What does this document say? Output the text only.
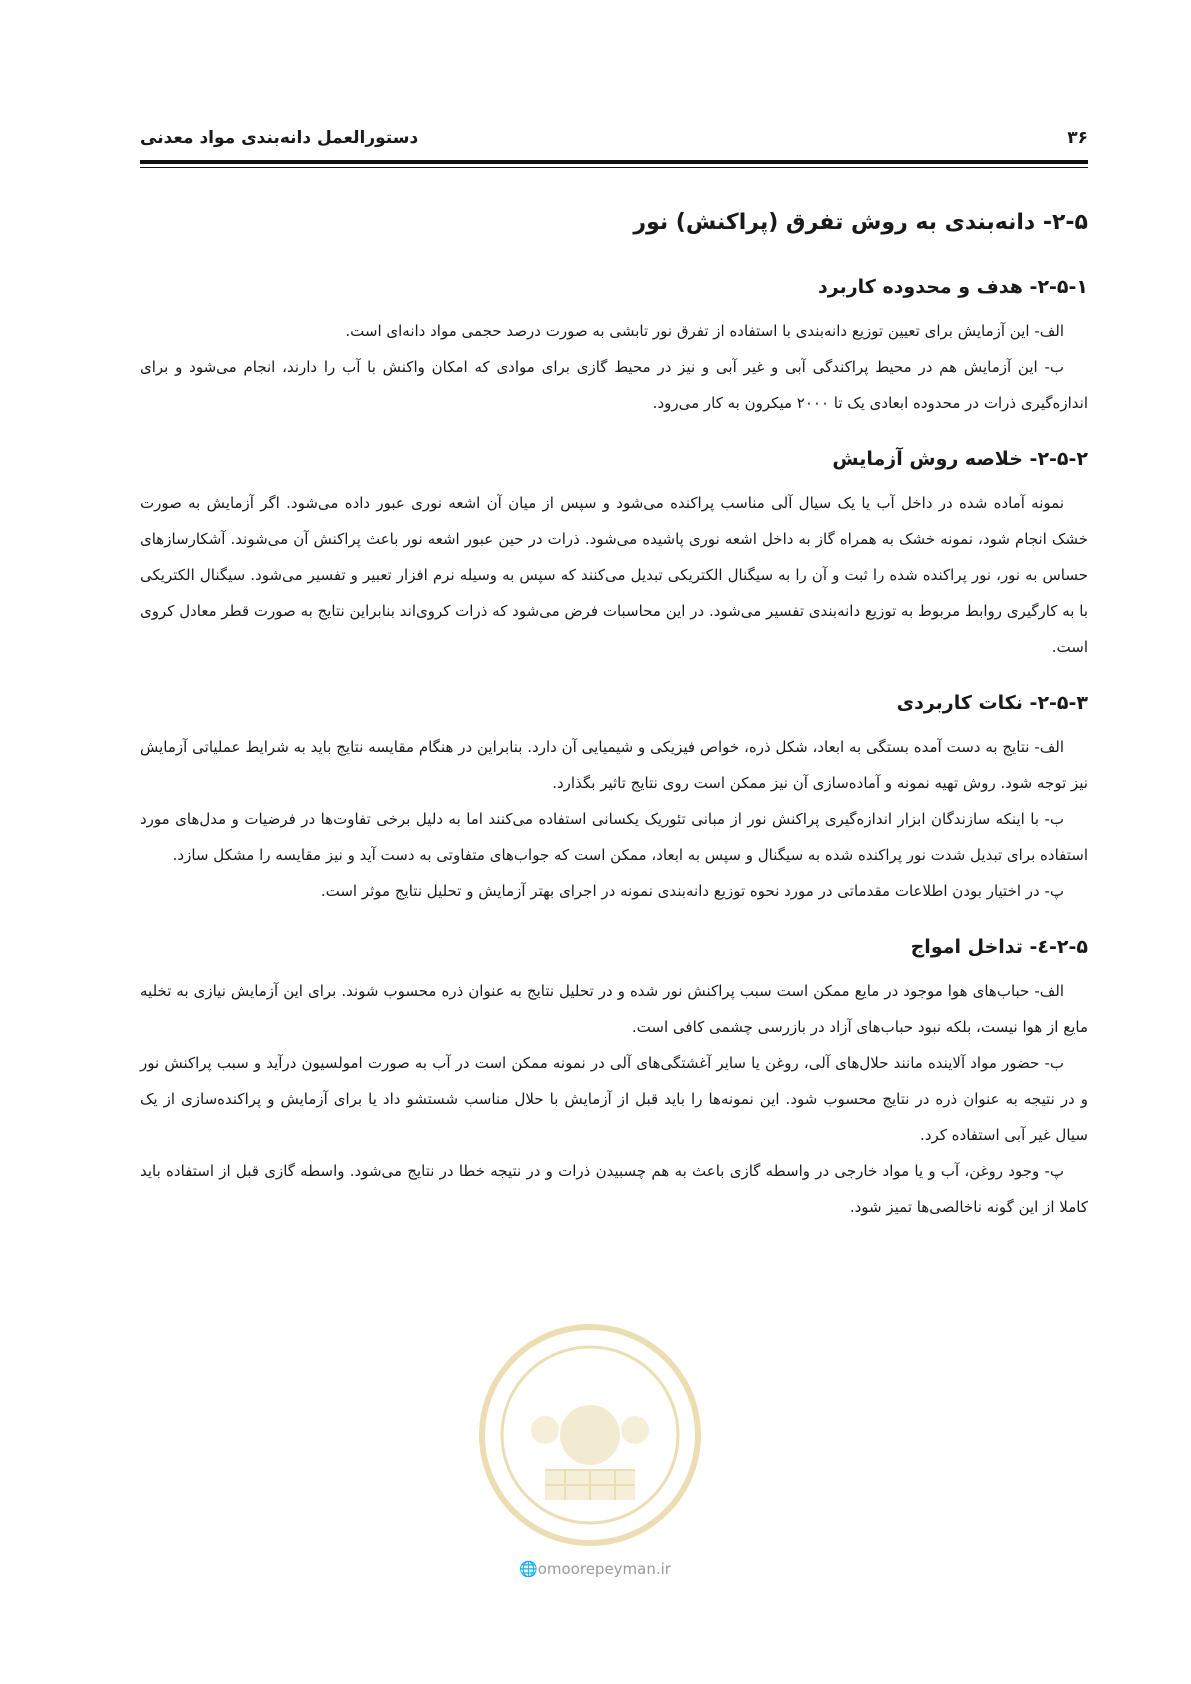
۳۶
دستورالعمل دانه‌بندی مواد معدنی
۲-۵- دانه‌بندی به روش تفرق (پراکنش) نور
۲-۵-۱- هدف و محدوده کاربرد

الف- این آزمایش برای تعیین توزیع دانه‌بندی با استفاده از تفرق نور تابشی به صورت درصد حجمی مواد دانه‌ای است.

ب- این آزمایش هم در محیط پراکندگی آبی و غیر آبی و نیز در محیط گازی برای موادی که امکان واکنش با آب را دارند، انجام می‌شود و برای اندازه‌گیری ذرات در محدوده ابعادی یک تا ۲۰۰۰ میکرون به کار می‌رود.

۲-۵-۲- خلاصه روش آزمایش

نمونه آماده شده در داخل آب یا یک سیال آلی مناسب پراکنده می‌شود و سپس از میان آن اشعه نوری عبور داده می‌شود. اگر آزمایش به صورت خشک انجام شود، نمونه خشک به همراه گاز به داخل اشعه نوری پاشیده می‌شود. ذرات در حین عبور اشعه نور باعث پراکنش آن می‌شوند. آشکارسازهای حساس به نور، نور پراکنده شده را ثبت و آن را به سیگنال الکتریکی تبدیل می‌کنند که سپس به وسیله نرم افزار تعبیر و تفسیر می‌شود. سیگنال الکتریکی با به کارگیری روابط مربوط به توزیع دانه‌بندی تفسیر می‌شود. در این محاسبات فرض می‌شود که ذرات کروی‌اند بنابراین نتایج به صورت قطر معادل کروی است.

۲-۵-۳- نکات کاربردی

الف- نتایج به دست آمده بستگی به ابعاد، شکل ذره، خواص فیزیکی و شیمیایی آن دارد. بنابراین در هنگام مقایسه نتایج باید به شرایط عملیاتی آزمایش نیز توجه شود. روش تهیه نمونه و آماده‌سازی آن نیز ممکن است روی نتایج تاثیر بگذارد.

ب- با اینکه سازندگان ابزار اندازه‌گیری پراکنش نور از مبانی تئوریک یکسانی استفاده می‌کنند اما به دلیل برخی تفاوت‌ها در فرضیات و مدل‌های مورد استفاده برای تبدیل شدت نور پراکنده شده به سیگنال و سپس به ابعاد، ممکن است که جواب‌های متفاوتی به دست آید و نیز مقایسه را مشکل سازد.

پ- در اختیار بودن اطلاعات مقدماتی در مورد نحوه توزیع دانه‌بندی نمونه در اجرای بهتر آزمایش و تحلیل نتایج موثر است.

۲-۵-٤- تداخل امواج

الف- حباب‌های هوا موجود در مایع ممکن است سبب پراکنش نور شده و در تحلیل نتایج به عنوان ذره محسوب شوند. برای این آزمایش نیازی به تخلیه مایع از هوا نیست، بلکه نبود حباب‌های آزاد در بازرسی چشمی کافی است.

ب- حضور مواد آلاینده مانند حلال‌های آلی، روغن یا سایر آغشتگی‌های آلی در نمونه ممکن است در آب به صورت امولسیون درآید و سبب پراکنش نور و در نتیجه به عنوان ذره در نتایج محسوب شود. این نمونه‌ها را باید قبل از آزمایش با حلال مناسب شستشو داد یا برای آزمایش و پراکنده‌سازی از یک سیال غیر آبی استفاده کرد.

پ- وجود روغن، آب و یا مواد خارجی در واسطه گازی باعث به هم چسبیدن ذرات و در نتیجه خطا در نتایج می‌شود. واسطه گازی قبل از استفاده باید کاملا از این گونه ناخالصی‌ها تمیز شود.

🌐omoorepeyman.ir
